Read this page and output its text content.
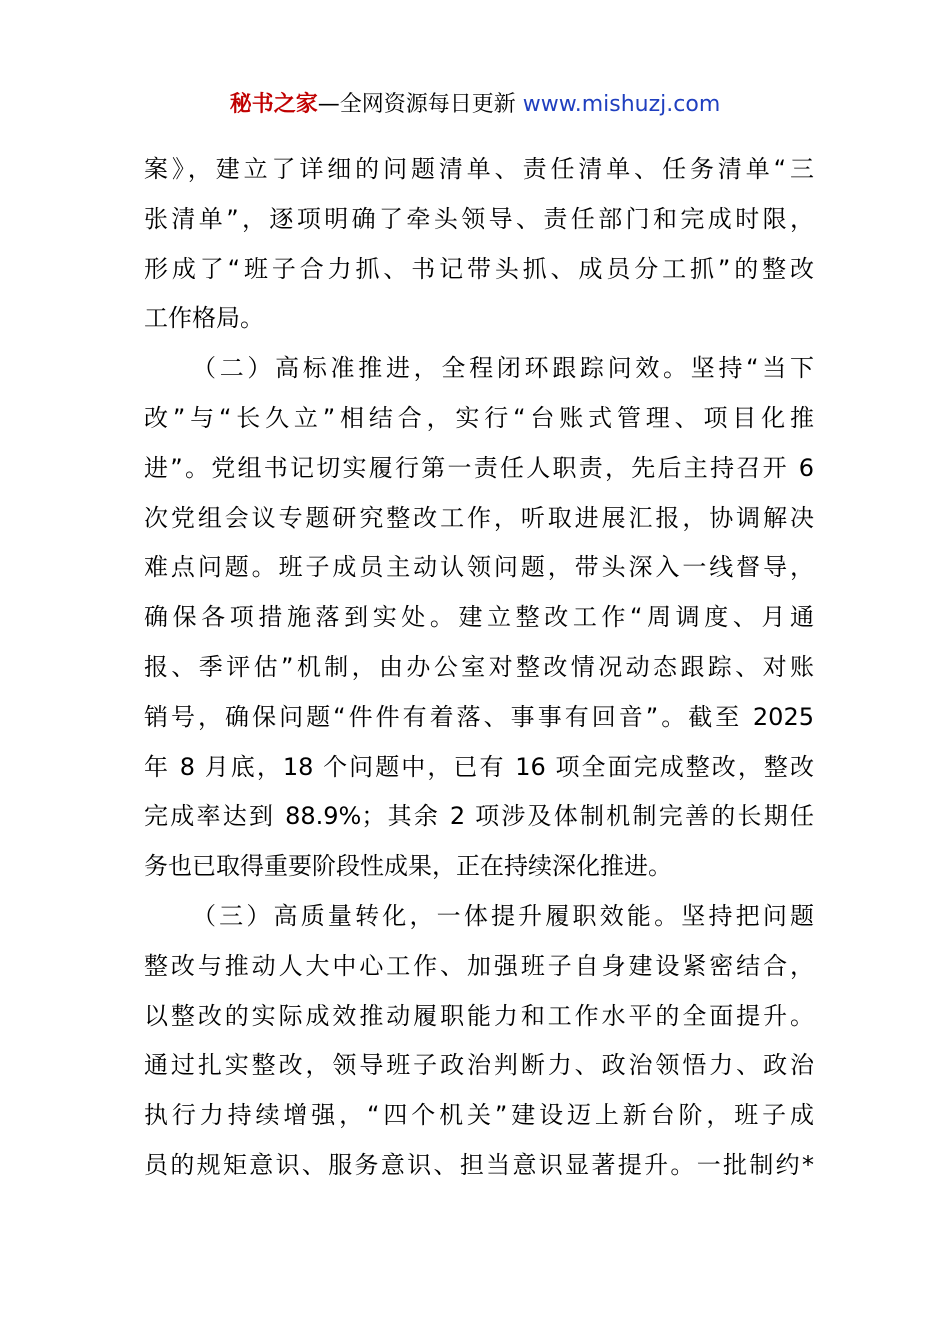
秘书之家—全网资源每日更新 www.mishuzj.com
案》，建立了详细的问题清单、责任清单、任务清单“三
张清单”，逐项明确了牵头领导、责任部门和完成时限，
形成了“班子合力抓、书记带头抓、成员分工抓”的整改
工作格局。
（二）高标准推进，全程闭环跟踪问效。坚持“当下
改”与“长久立”相结合，实行“台账式管理、项目化推
进”。党组书记切实履行第一责任人职责，先后主持召开 6
次党组会议专题研究整改工作，听取进展汇报，协调解决
难点问题。班子成员主动认领问题，带头深入一线督导，
确保各项措施落到实处。建立整改工作“周调度、月通
报、季评估”机制，由办公室对整改情况动态跟踪、对账
销号，确保问题“件件有着落、事事有回音”。截至 2025
年 8 月底，18 个问题中，已有 16 项全面完成整改，整改
完成率达到 88.9%；其余 2 项涉及体制机制完善的长期任
务也已取得重要阶段性成果，正在持续深化推进。
（三）高质量转化，一体提升履职效能。坚持把问题
整改与推动人大中心工作、加强班子自身建设紧密结合，
以整改的实际成效推动履职能力和工作水平的全面提升。
通过扎实整改，领导班子政治判断力、政治领悟力、政治
执行力持续增强，“四个机关”建设迈上新台阶，班子成
员的规矩意识、服务意识、担当意识显著提升。一批制约*
